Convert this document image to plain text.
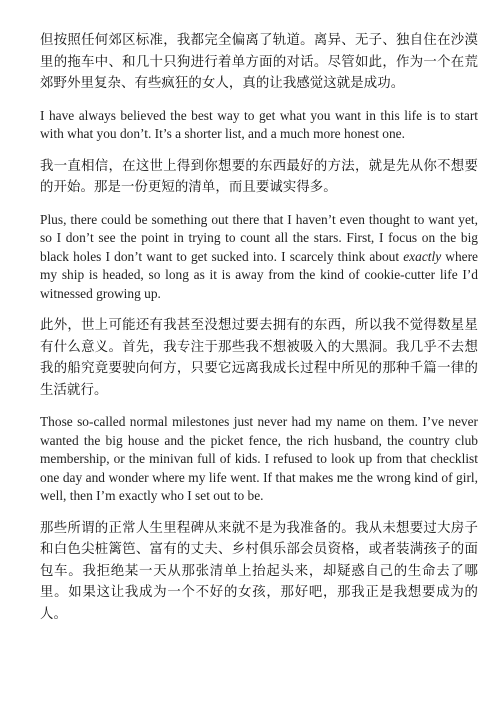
但按照任何郊区标准，我都完全偏离了轨道。离异、无子、独自住在沙漠里的拖车中、和几十只狗进行着单方面的对话。尽管如此，作为一个在荒郊野外里复杂、有些疯狂的女人，真的让我感觉这就是成功。

I have always believed the best way to get what you want in this life is to start with what you don’t. It’s a shorter list, and a much more honest one.

我一直相信，在这世上得到你想要的东西最好的方法，就是先从你不想要的开始。那是一份更短的清单，而且要诚实得多。

Plus, there could be something out there that I haven’t even thought to want yet, so I don’t see the point in trying to count all the stars. First, I focus on the big black holes I don’t want to get sucked into. I scarcely think about exactly where my ship is headed, so long as it is away from the kind of cookie-cutter life I’d witnessed growing up.

此外，世上可能还有我甚至没想过要去拥有的东西，所以我不觉得数星星有什么意义。首先，我专注于那些我不想被吸入的大黑洞。我几乎不去想我的船究竟要驶向何方，只要它远离我成长过程中所见的那种千篇一律的生活就行。

Those so-called normal milestones just never had my name on them. I’ve never wanted the big house and the picket fence, the rich husband, the country club membership, or the minivan full of kids. I refused to look up from that checklist one day and wonder where my life went. If that makes me the wrong kind of girl, well, then I’m exactly who I set out to be.

那些所谓的正常人生里程碑从来就不是为我准备的。我从未想要过大房子和白色尖桩篱笆、富有的丈夫、乡村俱乐部会员资格，或者装满孩子的面包车。我拒绝某一天从那张清单上抬起头来，却疑惑自己的生命去了哪里。如果这让我成为一个不好的女孩，那好吧，那我正是我想要成为的人。
